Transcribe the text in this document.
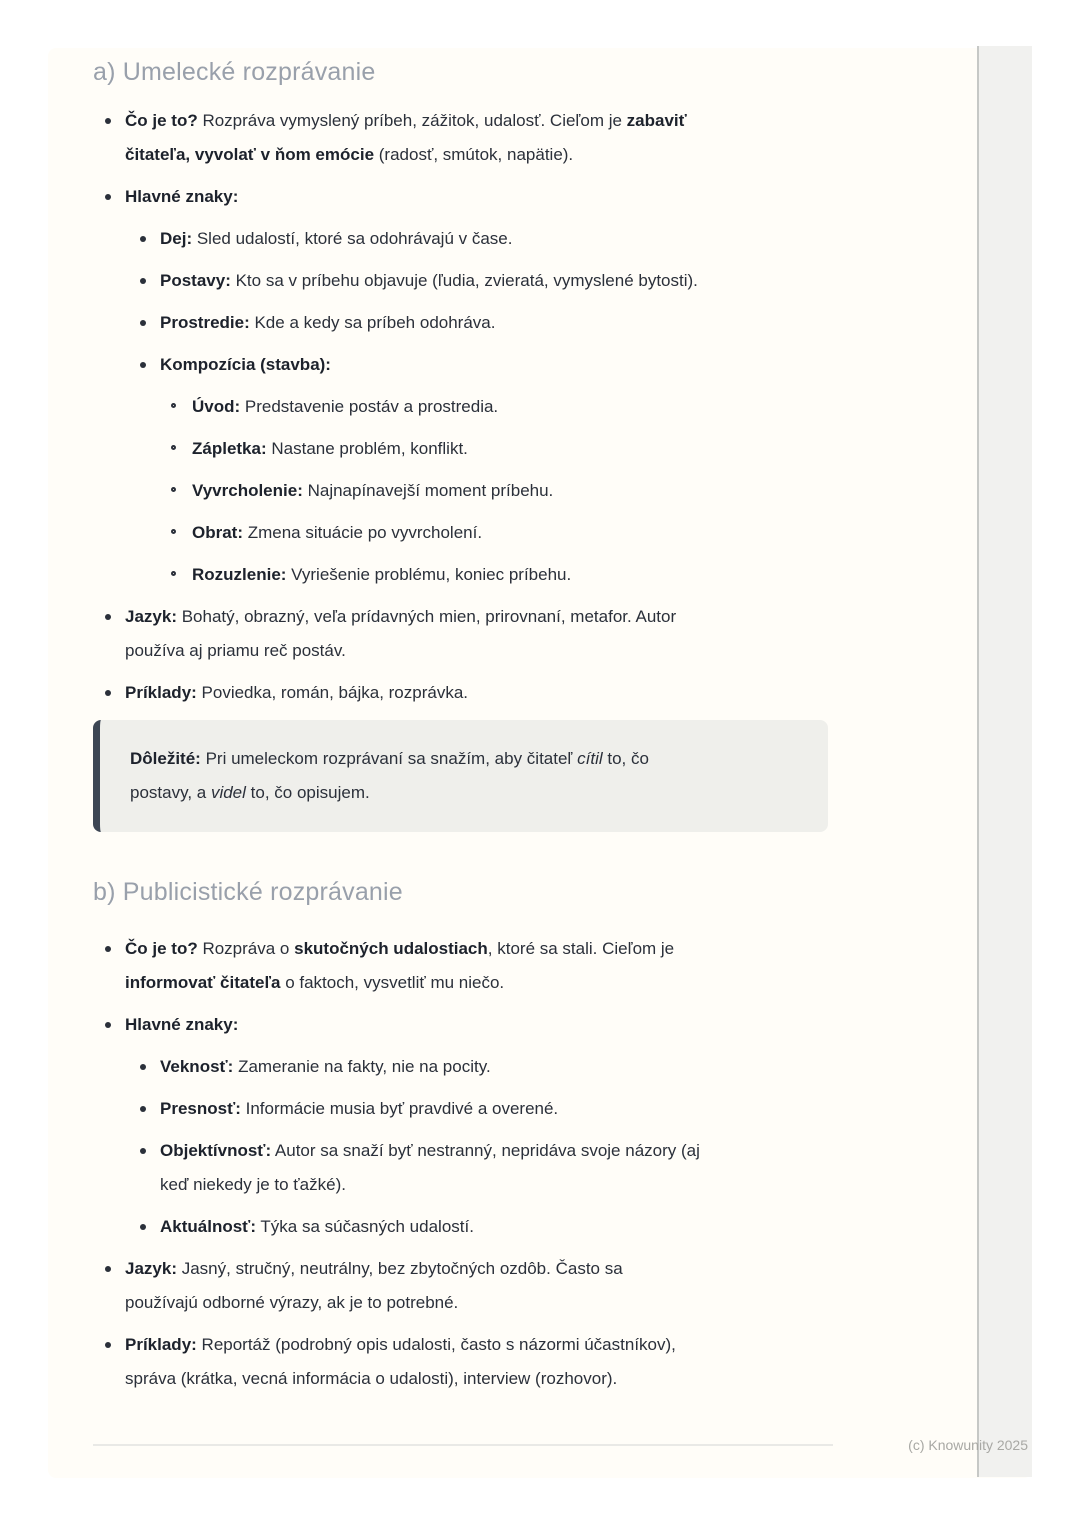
a) Umelecké rozprávanie
Čo je to? Rozpráva vymyslený príbeh, zážitok, udalosť. Cieľom je zabaviť
čitateľa, vyvolať v ňom emócie (radosť, smútok, napätie).
Hlavné znaky:
Dej: Sled udalostí, ktoré sa odohrávajú v čase.
Postavy: Kto sa v príbehu objavuje (ľudia, zvieratá, vymyslené bytosti).
Prostredie: Kde a kedy sa príbeh odohráva.
Kompozícia (stavba):
Úvod: Predstavenie postáv a prostredia.
Zápletka: Nastane problém, konflikt.
Vyvrcholenie: Najnapínavejší moment príbehu.
Obrat: Zmena situácie po vyvrcholení.
Rozuzlenie: Vyriešenie problému, koniec príbehu.
Jazyk: Bohatý, obrazný, veľa prídavných mien, prirovnaní, metafor. Autor
používa aj priamu reč postáv.
Príklady: Poviedka, román, bájka, rozprávka.

Dôležité: Pri umeleckom rozprávaní sa snažím, aby čitateľ cítil to, čo
postavy, a videl to, čo opisujem.

b) Publicistické rozprávanie
Čo je to? Rozpráva o skutočných udalostiach, ktoré sa stali. Cieľom je
informovať čitateľa o faktoch, vysvetliť mu niečo.
Hlavné znaky:
Veknosť: Zameranie na fakty, nie na pocity.
Presnosť: Informácie musia byť pravdivé a overené.
Objektívnosť: Autor sa snaží byť nestranný, nepridáva svoje názory (aj
keď niekedy je to ťažké).
Aktuálnosť: Týka sa súčasných udalostí.
Jazyk: Jasný, stručný, neutrálny, bez zbytočných ozdôb. Často sa
používajú odborné výrazy, ak je to potrebné.
Príklady: Reportáž (podrobný opis udalosti, často s názormi účastníkov),
správa (krátka, vecná informácia o udalosti), interview (rozhovor).
(c) Knowunity 2025
